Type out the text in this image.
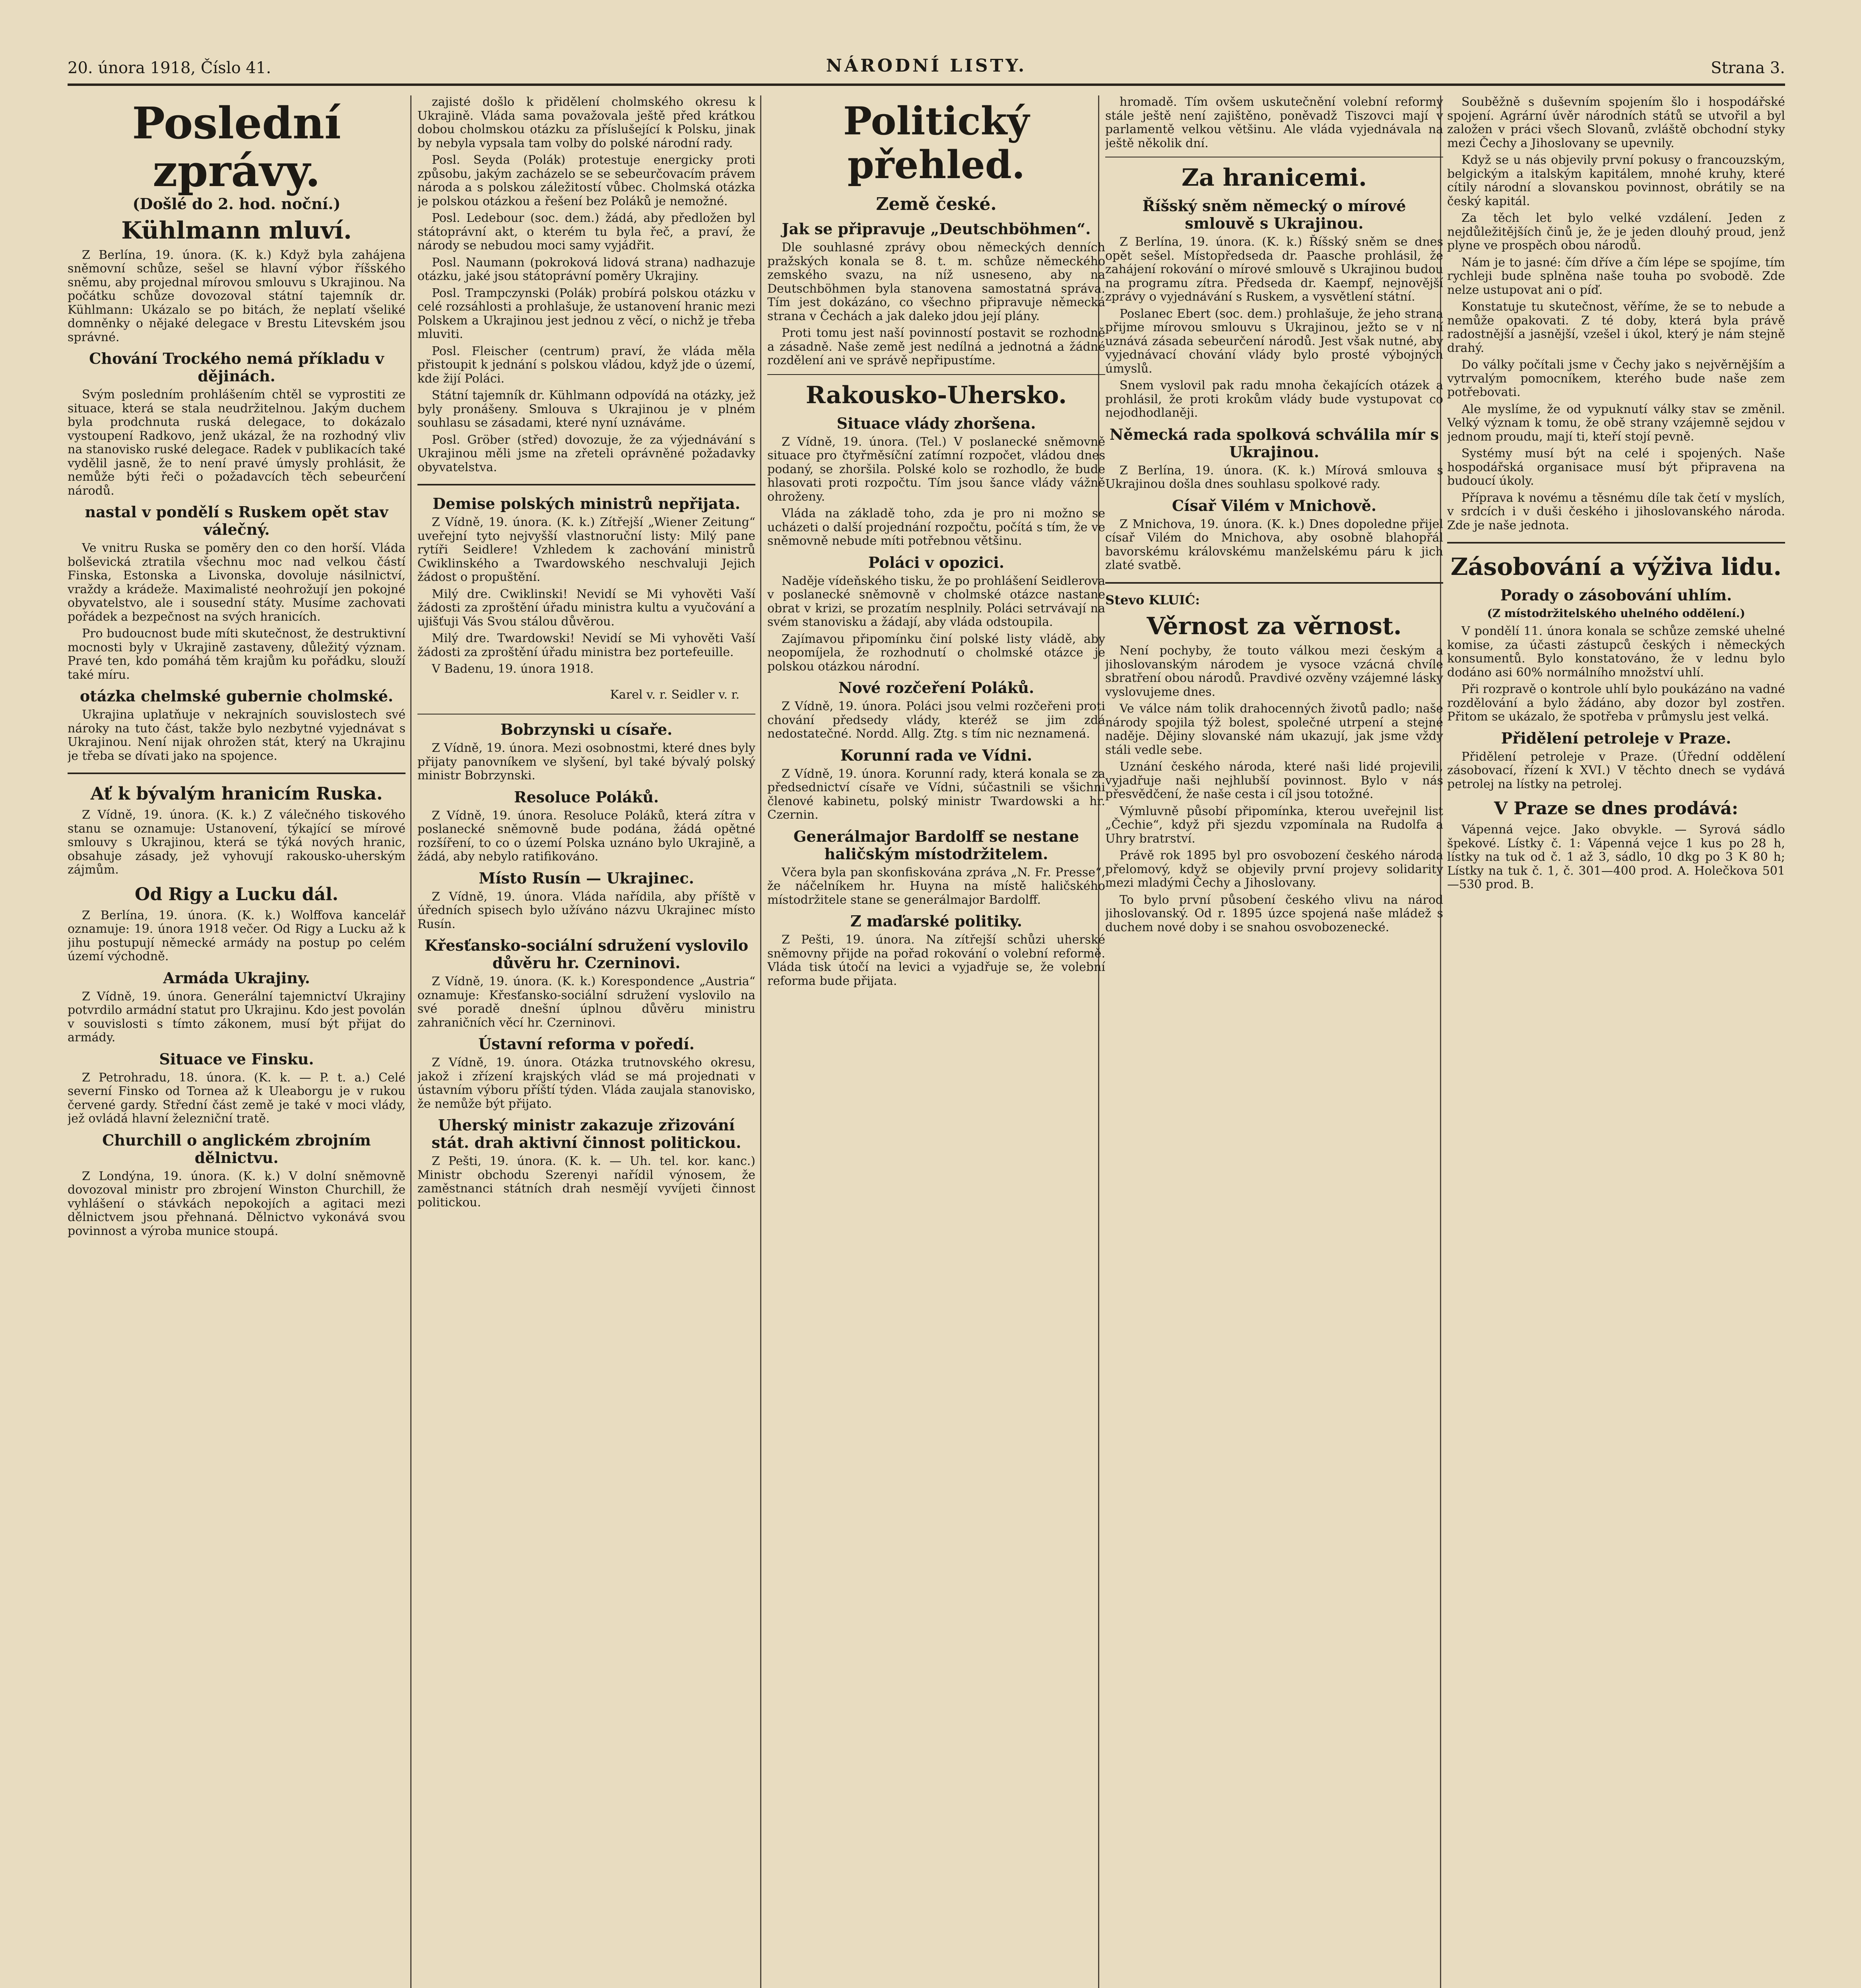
20. února 1918, Číslo 41.	NÁRODNÍ LISTY.	Strana 3.
Poslední zprávy.
(Došlé do 2. hod. noční.)
Kühlmann mluví.

Z Berlína, 19. února. (K. k.) Když byla zahájena sněmovní schůze, sešel se hlavní výbor říšského sněmu, aby projednal mírovou smlouvu s Ukrajinou. Na počátku schůze dovozoval státní tajemník dr. Kühlmann: Ukázalo se po bitách, že neplatí všeliké domněnky o nějaké delegace v Brestu Litevském jsou správné.

Chování Trockého nemá příkladu v dějinách.

Svým posledním prohlášením chtěl se vyprostiti ze situace, která se stala neudržitelnou. Jakým duchem byla prodchnuta ruská delegace, to dokázalo vystoupení Radkovo, jenž ukázal, že na rozhodný vliv na stanovisko ruské delegace. Radek v publikacích také vydělil jasně, že to není pravé úmysly prohlásit, že nemůže býti řeči o požadavcích těch sebeurčení národů.

nastal v pondělí s Ruskem opět stav válečný.

Ve vnitru Ruska se poměry den co den horší. Vláda bolševická ztratila všechnu moc nad velkou částí Finska, Estonska a Livonska, dovoluje násilnictví, vraždy a krádeže. Maximalisté neohrožují jen pokojné obyvatelstvo, ale i sousední státy. Musíme zachovati pořádek a bezpečnost na svých hranicích.

Pro budoucnost bude míti skutečnost, že destruktivní mocnosti byly v Ukrajině zastaveny, důležitý význam. Pravé ten, kdo pomáhá těm krajům ku pořádku, slouží také míru.

otázka chelmské gubernie cholmské.

Ukrajina uplatňuje v nekrajních souvislostech své nároky na tuto část, takže bylo nezbytné vyjednávat s Ukrajinou. Není nijak ohrožen stát, který na Ukrajinu je třeba se dívati jako na spojence.

Ať k bývalým hranicím Ruska.

Z Vídně, 19. února. (K. k.) Z válečného tiskového stanu se oznamuje: Ustanovení, týkající se mírové smlouvy s Ukrajinou, která se týká nových hranic, obsahuje zásady, jež vyhovují rakousko-uherským zájmům.

Od Rigy a Lucku dál.

Z Berlína, 19. února. (K. k.) Wolffova kancelář oznamuje: 19. února 1918 večer. Od Rigy a Lucku až k jihu postupují německé armády na postup po celém území východně.

Armáda Ukrajiny.

Z Vídně, 19. února. Generální tajemnictví Ukrajiny potvrdilo armádní statut pro Ukrajinu. Kdo jest povolán v souvislosti s tímto zákonem, musí být přijat do armády.

Situace ve Finsku.

Z Petrohradu, 18. února. (K. k. — P. t. a.) Celé severní Finsko od Tornea až k Uleaborgu je v rukou červené gardy. Střední část země je také v moci vlády, jež ovládá hlavní železniční tratě.

Churchill o anglickém zbrojním dělnictvu.

Z Londýna, 19. února. (K. k.) V dolní sněmovně dovozoval ministr pro zbrojení Winston Churchill, že vyhlášení o stávkách nepokojích a agitaci mezi dělnictvem jsou přehnaná. Dělnictvo vykonává svou povinnost a výroba munice stoupá.

zajisté došlo k přidělení cholmského okresu k Ukrajině. Vláda sama považovala ještě před krátkou dobou cholmskou otázku za příslušející k Polsku, jinak by nebyla vypsala tam volby do polské národní rady.

Posl. Seyda (Polák) protestuje energicky proti způsobu, jakým zacházelo se se sebeurčovacím právem národa a s polskou záležitostí vůbec. Cholmská otázka je polskou otázkou a řešení bez Poláků je nemožné.

Posl. Ledebour (soc. dem.) žádá, aby předložen byl státoprávní akt, o kterém tu byla řeč, a praví, že národy se nebudou moci samy vyjádřit.

Posl. Naumann (pokroková lidová strana) nadhazuje otázku, jaké jsou státoprávní poměry Ukrajiny.

Posl. Trampczynski (Polák) probírá polskou otázku v celé rozsáhlosti a prohlašuje, že ustanovení hranic mezi Polskem a Ukrajinou jest jednou z věcí, o nichž je třeba mluviti.

Posl. Fleischer (centrum) praví, že vláda měla přistoupit k jednání s polskou vládou, když jde o území, kde žijí Poláci.

Státní tajemník dr. Kühlmann odpovídá na otázky, jež byly pronášeny. Smlouva s Ukrajinou je v plném souhlasu se zásadami, které nyní uznáváme.

Posl. Gröber (střed) dovozuje, že za výjednávání s Ukrajinou měli jsme na zřeteli oprávněné požadavky obyvatelstva.

Demise polských ministrů nepřijata.

Z Vídně, 19. února. (K. k.) Zítřejší „Wiener Zeitung“ uveřejní tyto nejvyšší vlastnoruční listy: Milý pane rytíři Seidlere! Vzhledem k zachování ministrů Cwiklinského a Twardowského neschvaluji Jejich žádost o propuštění.

Milý dre. Cwiklinski! Nevidí se Mi vyhověti Vaší žádosti za zproštění úřadu ministra kultu a vyučování a ujišťuji Vás Svou stálou důvěrou.

Milý dre. Twardowski! Nevidí se Mi vyhověti Vaší žádosti za zproštění úřadu ministra bez portefeuille.

V Badenu, 19. února 1918.

Karel v. r. Seidler v. r.

Bobrzynski u císaře.

Z Vídně, 19. února. Mezi osobnostmi, které dnes byly přijaty panovníkem ve slyšení, byl také bývalý polský ministr Bobrzynski.

Resoluce Poláků.

Z Vídně, 19. února. Resoluce Poláků, která zítra v poslanecké sněmovně bude podána, žádá opětné rozšíření, to co o území Polska uznáno bylo Ukrajině, a žádá, aby nebylo ratifikováno.

Místo Rusín — Ukrajinec.

Z Vídně, 19. února. Vláda nařídila, aby příště v úředních spisech bylo užíváno názvu Ukrajinec místo Rusín.

Křesťansko-sociální sdružení vyslovilo důvěru hr. Czerninovi.

Z Vídně, 19. února. (K. k.) Korespondence „Austria“ oznamuje: Křesťansko-sociální sdružení vyslovilo na své poradě dnešní úplnou důvěru ministru zahraničních věcí hr. Czerninovi.

Ústavní reforma v poředí.

Z Vídně, 19. února. Otázka trutnovského okresu, jakož i zřízení krajských vlád se má projednati v ústavním výboru příští týden. Vláda zaujala stanovisko, že nemůže být přijato.

Uherský ministr zakazuje zřizování stát. drah aktivní činnost politickou.

Z Pešti, 19. února. (K. k. — Uh. tel. kor. kanc.) Ministr obchodu Szerenyi nařídil výnosem, že zaměstnanci státních drah nesmějí vyvíjeti činnost politickou.

Politický přehled.
Země české.
Jak se připravuje „Deutschböhmen“.

Dle souhlasné zprávy obou německých denních pražských konala se 8. t. m. schůze německého zemského svazu, na níž usneseno, aby na Deutschböhmen byla stanovena samostatná správa. Tím jest dokázáno, co všechno připravuje německá strana v Čechách a jak daleko jdou její plány.

Proti tomu jest naší povinností postavit se rozhodně a zásadně. Naše země jest nedílná a jednotná a žádné rozdělení ani ve správě nepřipustíme.

Rakousko-Uhersko.
Situace vlády zhoršena.

Z Vídně, 19. února. (Tel.) V poslanecké sněmovně situace pro čtyřměsíční zatímní rozpočet, vládou dnes podaný, se zhoršila. Polské kolo se rozhodlo, že bude hlasovati proti rozpočtu. Tím jsou šance vlády vážně ohroženy.

Vláda na základě toho, zda je pro ni možno se ucházeti o další projednání rozpočtu, počítá s tím, že ve sněmovně nebude míti potřebnou většinu.

Poláci v opozici.

Naděje vídeňského tisku, že po prohlášení Seidlerova v poslanecké sněmovně v cholmské otázce nastane obrat v krizi, se prozatím nesplnily. Poláci setrvávají na svém stanovisku a žádají, aby vláda odstoupila.

Zajímavou připomínku činí polské listy vládě, aby neopomíjela, že rozhodnutí o cholmské otázce je polskou otázkou národní.

Nové rozčeření Poláků.

Z Vídně, 19. února. Poláci jsou velmi rozčeřeni proti chování předsedy vlády, kteréž se jim zdá nedostatečné. Nordd. Allg. Ztg. s tím nic neznamená.

Korunní rada ve Vídni.

Z Vídně, 19. února. Korunní rady, která konala se za předsednictví císaře ve Vídni, súčastnili se všichni členové kabinetu, polský ministr Twardowski a hr. Czernin.

Generálmajor Bardolff se nestane haličským místodržitelem.

Včera byla pan skonfiskována zpráva „N. Fr. Presse“, že náčelníkem hr. Huyna na místě haličského místodržitele stane se generálmajor Bardolff.

Z maďarské politiky.

Z Pešti, 19. února. Na zítřejší schůzi uherské sněmovny přijde na pořad rokování o volební reformě. Vláda tisk útočí na levici a vyjadřuje se, že volební reforma bude přijata.

hromadě. Tím ovšem uskutečnění volební reformy stále ještě není zajištěno, poněvadž Tiszovci mají v parlamentě velkou většinu. Ale vláda vyjednávala na ještě několik dní.

Za hranicemi.
Říšský sněm německý o mírové smlouvě s Ukrajinou.

Z Berlína, 19. února. (K. k.) Říšský sněm se dnes opět sešel. Místopředseda dr. Paasche prohlásil, že zahájení rokování o mírové smlouvě s Ukrajinou budou na programu zítra. Předseda dr. Kaempf, nejnovější zprávy o vyjednávání s Ruskem, a vysvětlení státní.

Poslanec Ebert (soc. dem.) prohlašuje, že jeho strana přijme mírovou smlouvu s Ukrajinou, ježto se v ní uznává zásada sebeurčení národů. Jest však nutné, aby vyjednávací chování vlády bylo prosté výbojných úmyslů.

Snem vyslovil pak radu mnoha čekajících otázek a prohlásil, že proti krokům vlády bude vystupovat co nejodhodlaněji.

Německá rada spolková schválila mír s Ukrajinou.

Z Berlína, 19. února. (K. k.) Mírová smlouva s Ukrajinou došla dnes souhlasu spolkové rady.

Císař Vilém v Mnichově.

Z Mnichova, 19. února. (K. k.) Dnes dopoledne přijel císař Vilém do Mnichova, aby osobně blahopřál bavorskému královskému manželskému páru k jich zlaté svatbě.

Stevo KLUIĆ:
Věrnost za věrnost.

Není pochyby, že touto válkou mezi českým a jihoslovanským národem je vysoce vzácná chvíle sbratření obou národů. Pravdivé ozvěny vzájemné lásky vyslovujeme dnes.

Ve válce nám tolik drahocenných životů padlo; naše národy spojila týž bolest, společné utrpení a stejné naděje. Dějiny slovanské nám ukazují, jak jsme vždy stáli vedle sebe.

Uznání českého národa, které naši lidé projevili, vyjadřuje naši nejhlubší povinnost. Bylo v nás přesvědčení, že naše cesta i cíl jsou totožné.

Výmluvně působí připomínka, kterou uveřejnil list „Čechie“, když při sjezdu vzpomínala na Rudolfa a Uhry bratrství.

Právě rok 1895 byl pro osvobození českého národa přelomový, když se objevily první projevy solidarity mezi mladými Čechy a Jihoslovany.

To bylo první působení českého vlivu na národ jihoslovanský. Od r. 1895 úzce spojená naše mládež s duchem nové doby i se snahou osvobozenecké.

Souběžně s duševním spojením šlo i hospodářské spojení. Agrární úvěr národních států se utvořil a byl založen v práci všech Slovanů, zvláště obchodní styky mezi Čechy a Jihoslovany se upevnily.

Když se u nás objevily první pokusy o francouzským, belgickým a italským kapitálem, mnohé kruhy, které cítily národní a slovanskou povinnost, obrátily se na český kapitál.

Za těch let bylo velké vzdálení. Jeden z nejdůležitějších činů je, že je jeden dlouhý proud, jenž plyne ve prospěch obou národů.

Nám je to jasné: čím dříve a čím lépe se spojíme, tím rychleji bude splněna naše touha po svobodě. Zde nelze ustupovat ani o píď.

Konstatuje tu skutečnost, věříme, že se to nebude a nemůže opakovati. Z té doby, která byla právě radostnější a jasnější, vzešel i úkol, který je nám stejně drahý.

Do války počítali jsme v Čechy jako s nejvěrnějším a vytrvalým pomocníkem, kterého bude naše zem potřebovati.

Ale myslíme, že od vypuknutí války stav se změnil. Velký význam k tomu, že obě strany vzájemně sejdou v jednom proudu, mají ti, kteří stojí pevně.

Systémy musí být na celé i spojených. Naše hospodářská organisace musí být připravena na budoucí úkoly.

Příprava k novému a těsnému díle tak četí v myslích, v srdcích i v duši českého i jihoslovanského národa. Zde je naše jednota.

Zásobování a výživa lidu.
Porady o zásobování uhlím.
(Z místodržitelského uhelného oddělení.)

V pondělí 11. února konala se schůze zemské uhelné komise, za účasti zástupců českých i německých konsumentů. Bylo konstatováno, že v lednu bylo dodáno asi 60% normálního množství uhlí.

Při rozpravě o kontrole uhlí bylo poukázáno na vadné rozdělování a bylo žádáno, aby dozor byl zostřen. Přitom se ukázalo, že spotřeba v průmyslu jest velká.

Přidělení petroleje v Praze.

Přidělení petroleje v Praze. (Úřední oddělení zásobovací, řízení k XVI.) V těchto dnech se vydává petrolej na lístky na petrolej.

V Praze se dnes prodává:

Vápenná vejce. Jako obvykle. — Syrová sádlo špekové. Lístky č. 1: Vápenná vejce 1 kus po 28 h, lístky na tuk od č. 1 až 3, sádlo, 10 dkg po 3 K 80 h; Lístky na tuk č. 1, č. 301—400 prod. A. Holečkova 501—530 prod. B.
